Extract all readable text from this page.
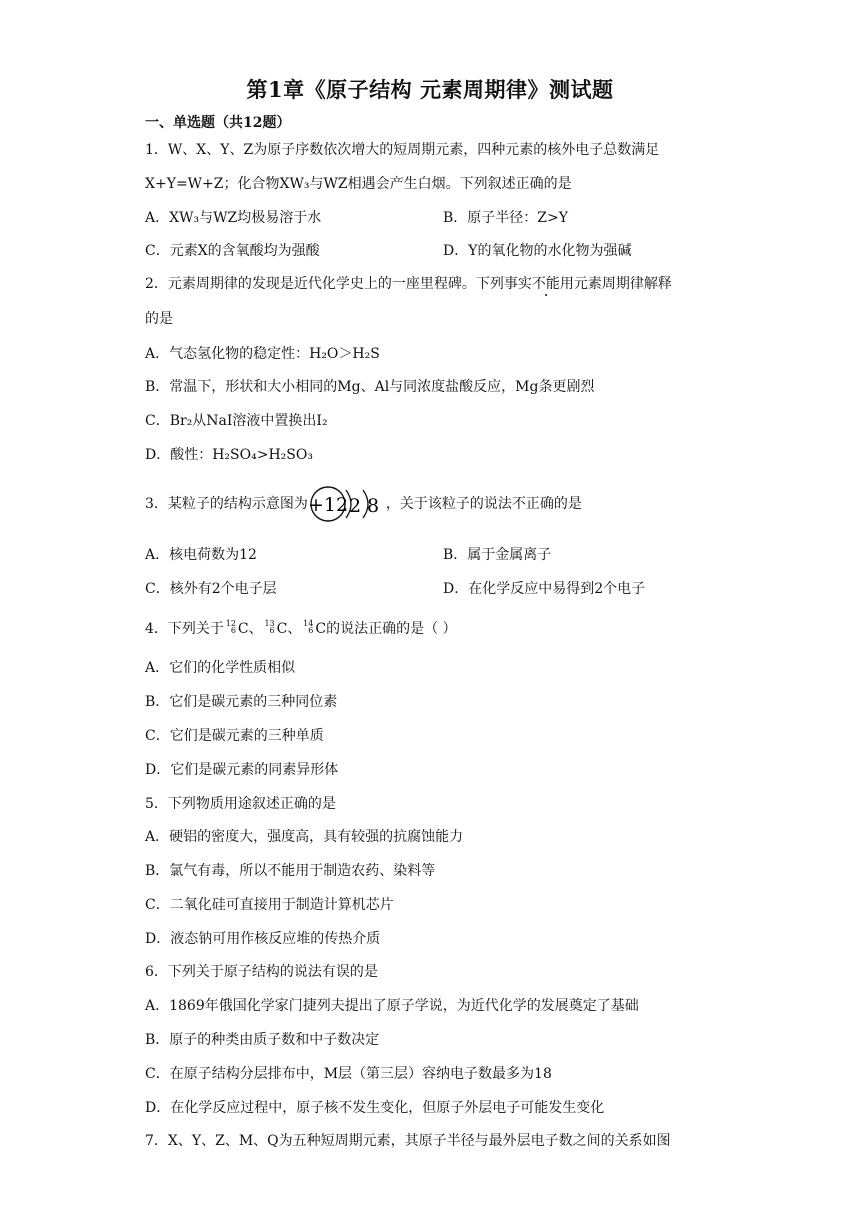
第1章《原子结构 元素周期律》测试题
一、单选题（共12题）
1．W、X、Y、Z为原子序数依次增大的短周期元素，四种元素的核外电子总数满足
X+Y=W+Z；化合物XW₃与WZ相遇会产生白烟。下列叙述正确的是
A．XW₃与WZ均极易溶于水	B．原子半径：Z>Y
C．元素X的含氧酸均为强酸	D．Y的氧化物的水化物为强碱
2．元素周期律的发现是近代化学史上的一座里程碑。下列事实不能用元素周期律解释
的是
A．气态氢化物的稳定性：H₂O＞H₂S
B．常温下，形状和大小相同的Mg、Al与同浓度盐酸反应，Mg条更剧烈
C．Br₂从NaI溶液中置换出I₂
D．酸性：H₂SO₄>H₂SO₃
3．某粒子的结构示意图为 +12 2 8 ，关于该粒子的说法不正确的是
A．核电荷数为12	B．属于金属离子
C．核外有2个电子层	D．在化学反应中易得到2个电子
4．下列关于 12
6 C、 13
6 C、 14
6 C的说法正确的是（ ）
A．它们的化学性质相似
B．它们是碳元素的三种同位素
C．它们是碳元素的三种单质
D．它们是碳元素的同素异形体
5．下列物质用途叙述正确的是
A．硬铝的密度大，强度高，具有较强的抗腐蚀能力
B．氯气有毒，所以不能用于制造农药、染料等
C．二氧化硅可直接用于制造计算机芯片
D．液态钠可用作核反应堆的传热介质
6．下列关于原子结构的说法有误的是
A．1869年俄国化学家门捷列夫提出了原子学说，为近代化学的发展奠定了基础
B．原子的种类由质子数和中子数决定
C．在原子结构分层排布中，M层（第三层）容纳电子数最多为18
D．在化学反应过程中，原子核不发生变化，但原子外层电子可能发生变化
7．X、Y、Z、M、Q为五种短周期元素，其原子半径与最外层电子数之间的关系如图
